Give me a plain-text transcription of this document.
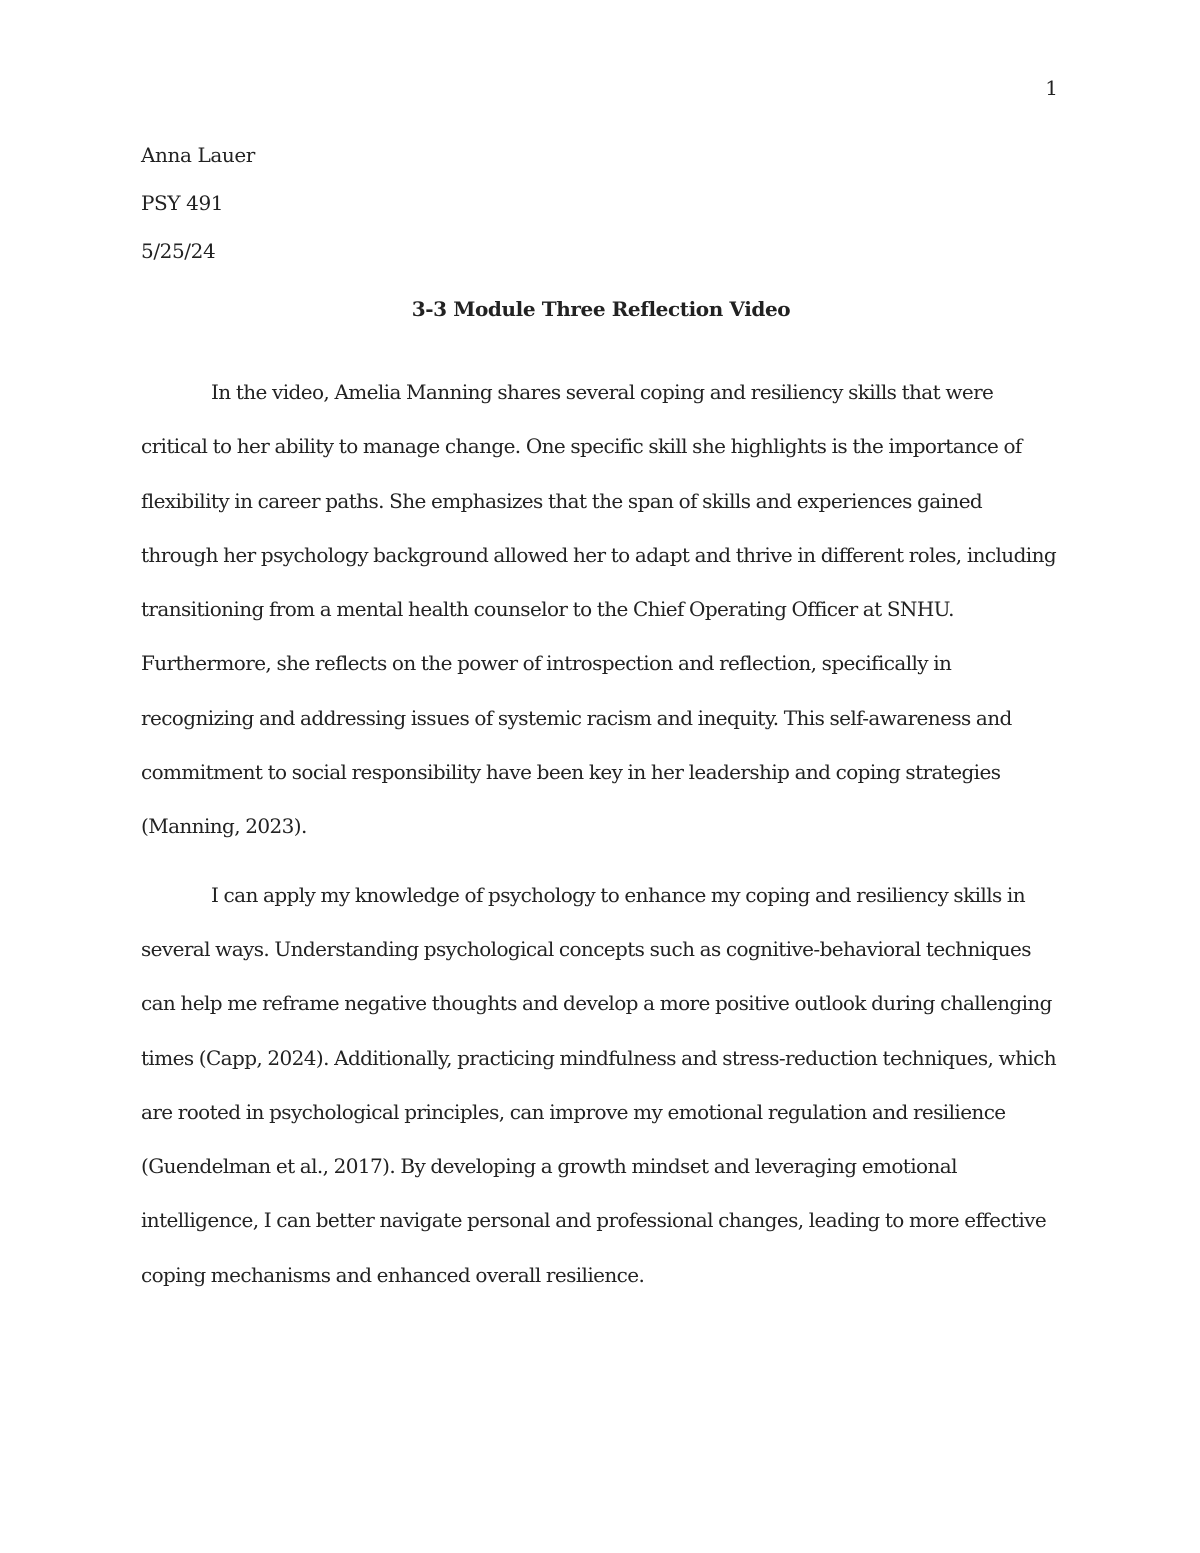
1
Anna Lauer
PSY 491
5/25/24
3-3 Module Three Reflection Video

In the video, Amelia Manning shares several coping and resiliency skills that were critical to her ability to manage change. One specific skill she highlights is the importance of flexibility in career paths. She emphasizes that the span of skills and experiences gained through her psychology background allowed her to adapt and thrive in different roles, including transitioning from a mental health counselor to the Chief Operating Officer at SNHU. Furthermore, she reflects on the power of introspection and reflection, specifically in recognizing and addressing issues of systemic racism and inequity. This self-awareness and commitment to social responsibility have been key in her leadership and coping strategies (Manning, 2023).

I can apply my knowledge of psychology to enhance my coping and resiliency skills in several ways. Understanding psychological concepts such as cognitive-behavioral techniques can help me reframe negative thoughts and develop a more positive outlook during challenging times (Capp, 2024). Additionally, practicing mindfulness and stress-reduction techniques, which are rooted in psychological principles, can improve my emotional regulation and resilience (Guendelman et al., 2017). By developing a growth mindset and leveraging emotional intelligence, I can better navigate personal and professional changes, leading to more effective coping mechanisms and enhanced overall resilience.
